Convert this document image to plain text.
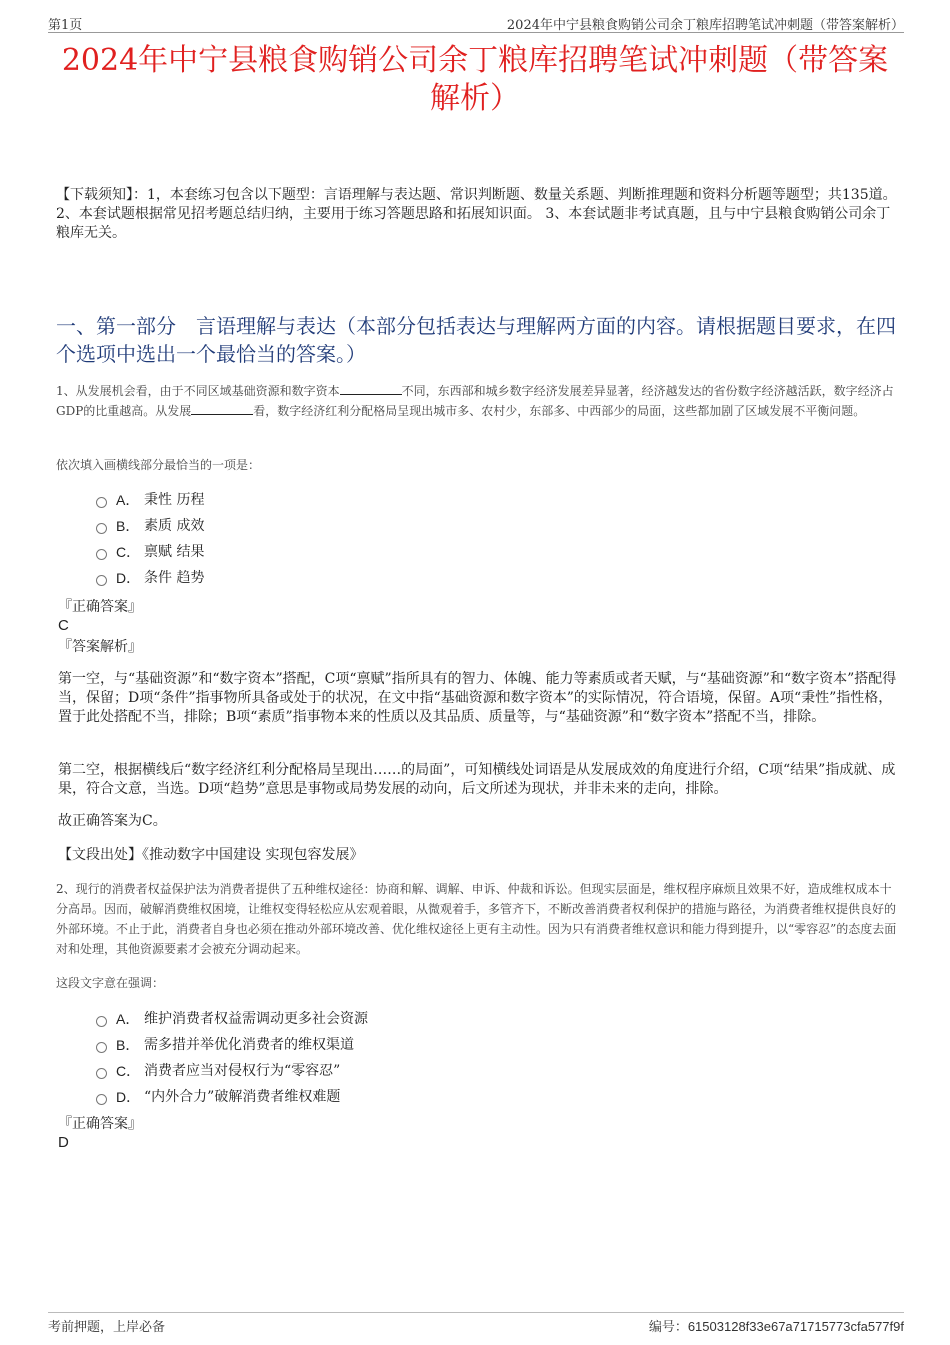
第1页	2024年中宁县粮食购销公司余丁粮库招聘笔试冲刺题（带答案解析）
2024年中宁县粮食购销公司余丁粮库招聘笔试冲刺题（带答案解析）
【下载须知】：1，本套练习包含以下题型：言语理解与表达题、常识判断题、数量关系题、判断推理题和资料分析题等题型；共135道。 2、本套试题根据常见招考题总结归纳，主要用于练习答题思路和拓展知识面。 3、本套试题非考试真题，且与中宁县粮食购销公司余丁粮库无关。
一、第一部分　言语理解与表达（本部分包括表达与理解两方面的内容。请根据题目要求，在四个选项中选出一个最恰当的答案。）
1、从发展机会看，由于不同区域基础资源和数字资本	不同，东西部和城乡数字经济发展差异显著，经济越发达的省份数字经济越活跃，数字经济占GDP的比重越高。从发展	看，数字经济红利分配格局呈现出城市多、农村少，东部多、中西部少的局面，这些都加剧了区域发展不平衡问题。
依次填入画横线部分最恰当的一项是：
A． 秉性 历程
B． 素质 成效
C． 禀赋 结果
D． 条件 趋势
『正确答案』
C
『答案解析』
第一空，与“基础资源”和“数字资本”搭配，C项“禀赋”指所具有的智力、体魄、能力等素质或者天赋，与“基础资源”和“数字资本”搭配得当，保留；D项“条件”指事物所具备或处于的状况，在文中指“基础资源和数字资本”的实际情况，符合语境，保留。A项“秉性”指性格，置于此处搭配不当，排除；B项“素质”指事物本来的性质以及其品质、质量等，与“基础资源”和“数字资本”搭配不当，排除。
第二空，根据横线后“数字经济红利分配格局呈现出……的局面”，可知横线处词语是从发展成效的角度进行介绍，C项“结果”指成就、成果，符合文意，当选。D项“趋势”意思是事物或局势发展的动向，后文所述为现状，并非未来的走向，排除。
故正确答案为C。
【文段出处】《推动数字中国建设 实现包容发展》
2、现行的消费者权益保护法为消费者提供了五种维权途径：协商和解、调解、申诉、仲裁和诉讼。但现实层面是，维权程序麻烦且效果不好，造成维权成本十分高昂。因而，破解消费维权困境，让维权变得轻松应从宏观着眼，从微观着手，多管齐下，不断改善消费者权利保护的措施与路径，为消费者维权提供良好的外部环境。不止于此，消费者自身也必须在推动外部环境改善、优化维权途径上更有主动性。因为只有消费者维权意识和能力得到提升，以“零容忍”的态度去面对和处理，其他资源要素才会被充分调动起来。
这段文字意在强调：
A． 维护消费者权益需调动更多社会资源
B． 需多措并举优化消费者的维权渠道
C． 消费者应当对侵权行为“零容忍”
D． “内外合力”破解消费者维权难题
『正确答案』
D
考前押题，上岸必备	编号：61503128f33e67a71715773cfa577f9f
